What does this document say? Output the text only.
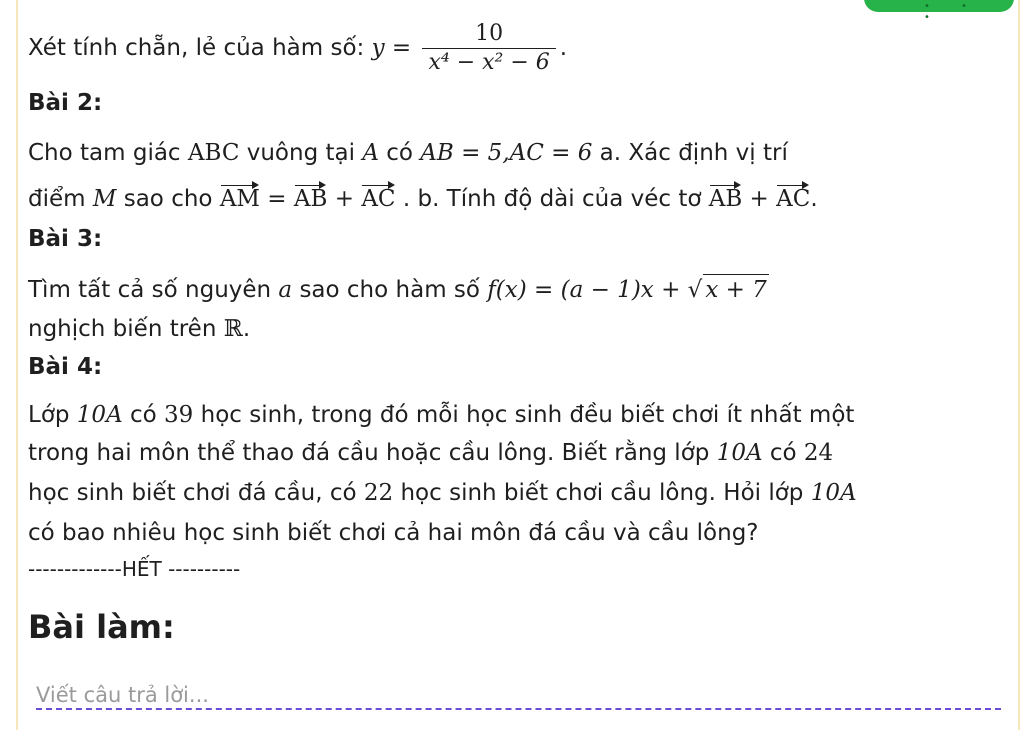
• • •
Xét tính chẵn, lẻ của hàm số: $y = \frac{10}{\text{x⁴ − x² − 6}}$ .
Bài 2:
Cho tam giác ABC vuông tại A có AB = 5,AC = 6 a. Xác định vị trí
điểm M sao cho AM = AB + AC . b. Tính độ dài của véc tơ AB + AC.
Bài 3:
Tìm tất cả số nguyên a sao cho hàm số f(x) = (a − 1)x + √ x + 7
nghịch biến trên ℝ.
Bài 4:
Lớp 10A có 39 học sinh, trong đó mỗi học sinh đều biết chơi ít nhất một
trong hai môn thể thao đá cầu hoặc cầu lông. Biết rằng lớp 10A có 24
học sinh biết chơi đá cầu, có 22 học sinh biết chơi cầu lông. Hỏi lớp 10A
có bao nhiêu học sinh biết chơi cả hai môn đá cầu và cầu lông?
-------------HẾT ----------
Bài làm:
Viết câu trả lời...
